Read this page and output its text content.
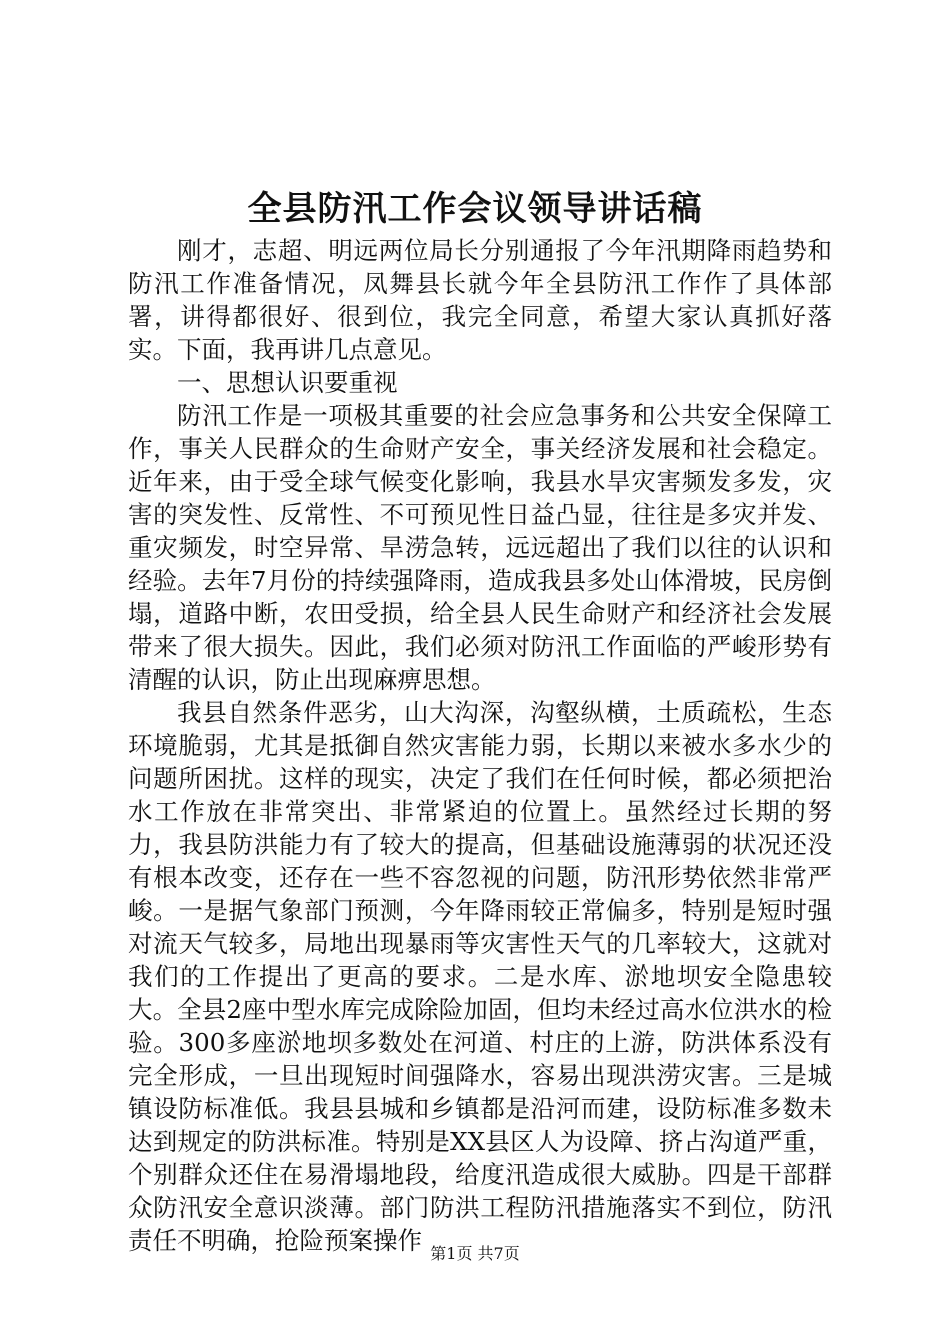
全县防汛工作会议领导讲话稿

刚才，志超、明远两位局长分别通报了今年汛期降雨趋势和防汛工作准备情况，凤舞县长就今年全县防汛工作作了具体部署，讲得都很好、很到位，我完全同意，希望大家认真抓好落实。下面，我再讲几点意见。

一、思想认识要重视

防汛工作是一项极其重要的社会应急事务和公共安全保障工作，事关人民群众的生命财产安全，事关经济发展和社会稳定。近年来，由于受全球气候变化影响，我县水旱灾害频发多发，灾害的突发性、反常性、不可预见性日益凸显，往往是多灾并发、重灾频发，时空异常、旱涝急转，远远超出了我们以往的认识和经验。去年7月份的持续强降雨，造成我县多处山体滑坡，民房倒塌，道路中断，农田受损，给全县人民生命财产和经济社会发展带来了很大损失。因此，我们必须对防汛工作面临的严峻形势有清醒的认识，防止出现麻痹思想。

我县自然条件恶劣，山大沟深，沟壑纵横，土质疏松，生态环境脆弱，尤其是抵御自然灾害能力弱，长期以来被水多水少的问题所困扰。这样的现实，决定了我们在任何时候，都必须把治水工作放在非常突出、非常紧迫的位置上。虽然经过长期的努力，我县防洪能力有了较大的提高，但基础设施薄弱的状况还没有根本改变，还存在一些不容忽视的问题，防汛形势依然非常严峻。一是据气象部门预测，今年降雨较正常偏多，特别是短时强对流天气较多，局地出现暴雨等灾害性天气的几率较大，这就对我们的工作提出了更高的要求。二是水库、淤地坝安全隐患较大。全县2座中型水库完成除险加固，但均未经过高水位洪水的检验。300多座淤地坝多数处在河道、村庄的上游，防洪体系没有完全形成，一旦出现短时间强降水，容易出现洪涝灾害。三是城镇设防标准低。我县县城和乡镇都是沿河而建，设防标准多数未达到规定的防洪标准。特别是XX县区人为设障、挤占沟道严重，个别群众还住在易滑塌地段，给度汛造成很大威胁。四是干部群众防汛安全意识淡薄。部门防洪工程防汛措施落实不到位，防汛责任不明确，抢险预案操作 第1页 共7页
